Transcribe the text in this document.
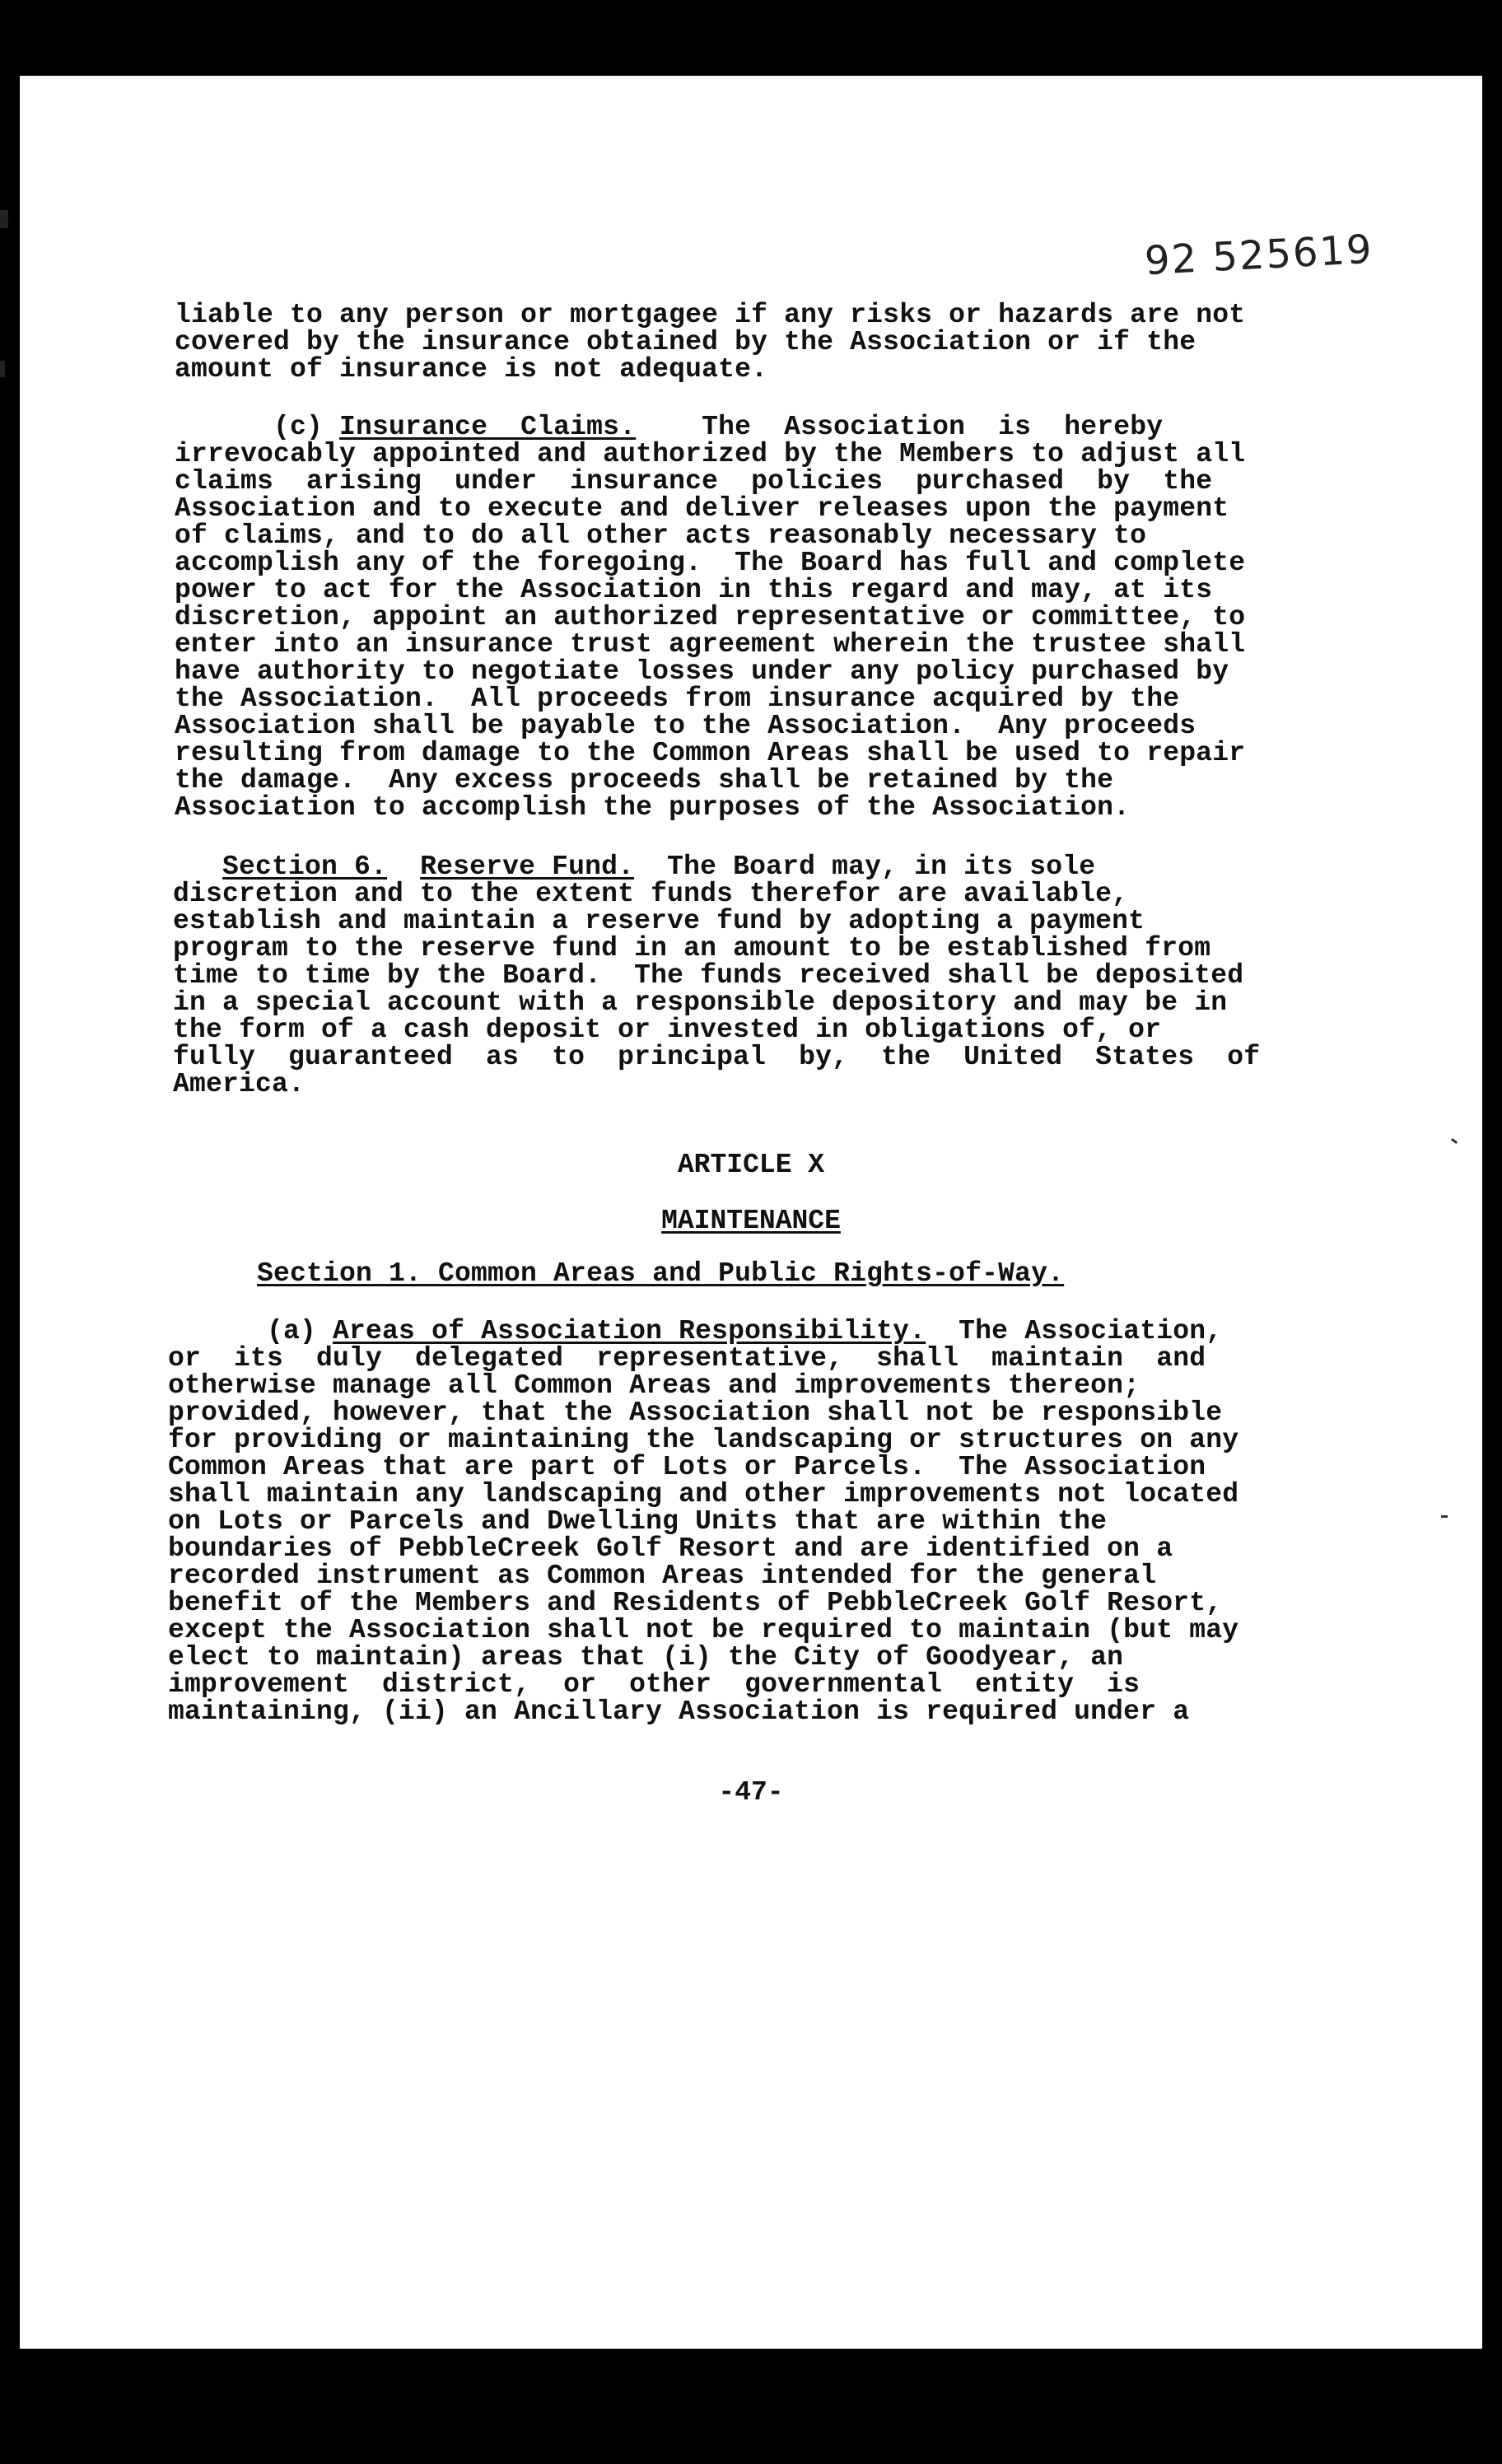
92 525619

liable to any person or mortgagee if any risks or hazards are not

covered by the insurance obtained by the Association or if the

amount of insurance is not adequate.

(c) Insurance  Claims.    The  Association  is  hereby

irrevocably appointed and authorized by the Members to adjust all

claims  arising  under  insurance  policies  purchased  by  the

Association and to execute and deliver releases upon the payment

of claims, and to do all other acts reasonably necessary to

accomplish any of the foregoing.  The Board has full and complete

power to act for the Association in this regard and may, at its

discretion, appoint an authorized representative or committee, to

enter into an insurance trust agreement wherein the trustee shall

have authority to negotiate losses under any policy purchased by

the Association.  All proceeds from insurance acquired by the

Association shall be payable to the Association.  Any proceeds

resulting from damage to the Common Areas shall be used to repair

the damage.  Any excess proceeds shall be retained by the

Association to accomplish the purposes of the Association.

Section 6. Reserve Fund.  The Board may, in its sole

discretion and to the extent funds therefor are available,

establish and maintain a reserve fund by adopting a payment

program to the reserve fund in an amount to be established from

time to time by the Board.  The funds received shall be deposited

in a special account with a responsible depository and may be in

the form of a cash deposit or invested in obligations of, or

fully  guaranteed  as  to  principal  by,  the  United  States  of

America.

ARTICLE X
MAINTENANCE

Section 1. Common Areas and Public Rights-of-Way.

(a) Areas of Association Responsibility.  The Association,

or  its  duly  delegated  representative,  shall  maintain  and

otherwise manage all Common Areas and improvements thereon;

provided, however, that the Association shall not be responsible

for providing or maintaining the landscaping or structures on any

Common Areas that are part of Lots or Parcels.  The Association

shall maintain any landscaping and other improvements not located

on Lots or Parcels and Dwelling Units that are within the

boundaries of PebbleCreek Golf Resort and are identified on a

recorded instrument as Common Areas intended for the general

benefit of the Members and Residents of PebbleCreek Golf Resort,

except the Association shall not be required to maintain (but may

elect to maintain) areas that (i) the City of Goodyear, an

improvement  district,  or  other  governmental  entity  is

maintaining, (ii) an Ancillary Association is required under a

-47-
